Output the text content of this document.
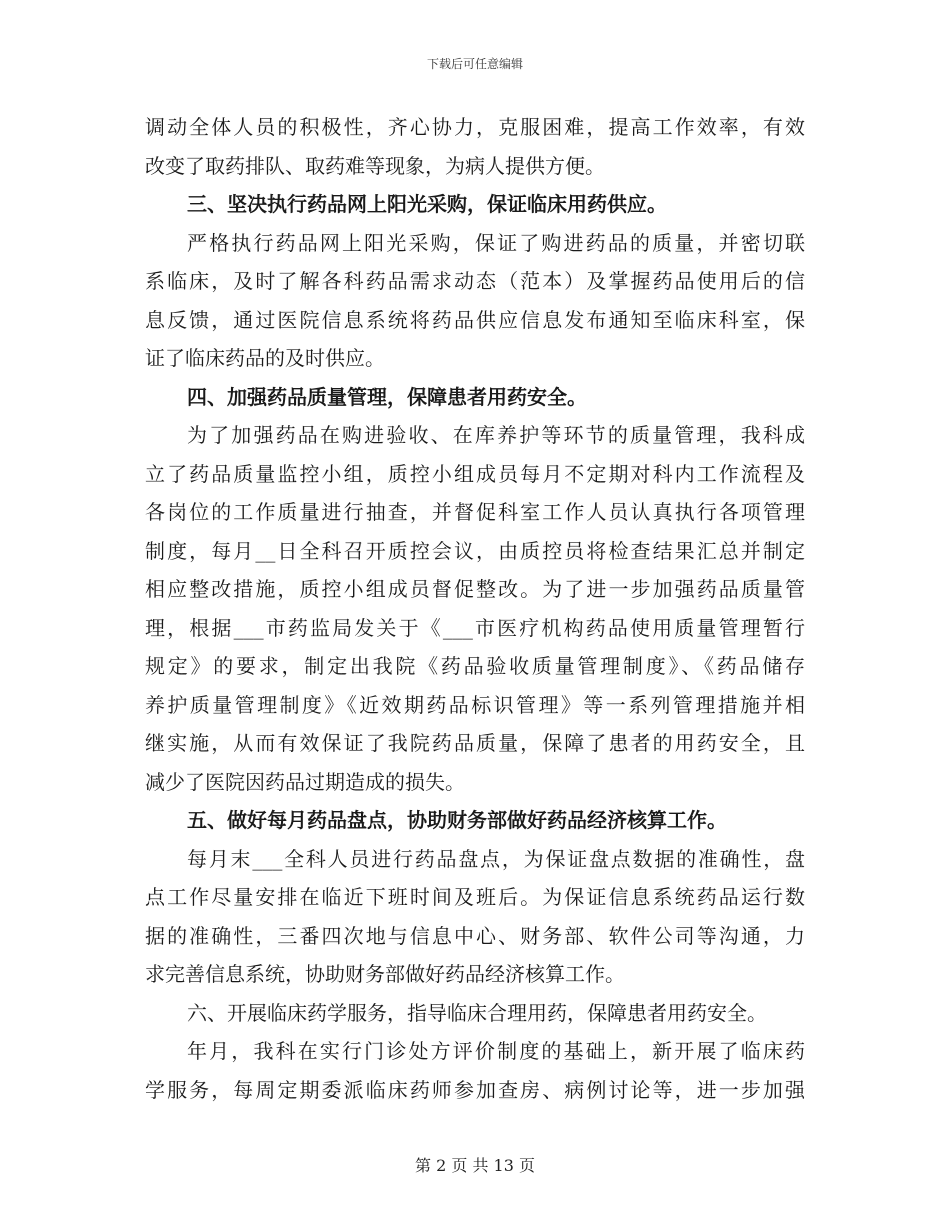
下载后可任意编辑
调动全体人员的积极性，齐心协力，克服困难，提高工作效率，有效
改变了取药排队、取药难等现象，为病人提供方便。
三、坚决执行药品网上阳光采购，保证临床用药供应。
严格执行药品网上阳光采购，保证了购进药品的质量，并密切联
系临床，及时了解各科药品需求动态（范本）及掌握药品使用后的信
息反馈，通过医院信息系统将药品供应信息发布通知至临床科室，保
证了临床药品的及时供应。
四、加强药品质量管理，保障患者用药安全。
为了加强药品在购进验收、在库养护等环节的质量管理，我科成
立了药品质量监控小组，质控小组成员每月不定期对科内工作流程及
各岗位的工作质量进行抽查，并督促科室工作人员认真执行各项管理
制度，每月__日全科召开质控会议，由质控员将检查结果汇总并制定
相应整改措施，质控小组成员督促整改。为了进一步加强药品质量管
理，根据___市药监局发关于《___市医疗机构药品使用质量管理暂行
规定》的要求，制定出我院《药品验收质量管理制度》、《药品储存
养护质量管理制度》《近效期药品标识管理》等一系列管理措施并相
继实施，从而有效保证了我院药品质量，保障了患者的用药安全，且
减少了医院因药品过期造成的损失。
五、做好每月药品盘点，协助财务部做好药品经济核算工作。
每月末___全科人员进行药品盘点，为保证盘点数据的准确性，盘
点工作尽量安排在临近下班时间及班后。为保证信息系统药品运行数
据的准确性，三番四次地与信息中心、财务部、软件公司等沟通，力
求完善信息系统，协助财务部做好药品经济核算工作。
六、开展临床药学服务，指导临床合理用药，保障患者用药安全。
年月，我科在实行门诊处方评价制度的基础上，新开展了临床药
学服务，每周定期委派临床药师参加查房、病例讨论等，进一步加强
第 2 页 共 13 页
